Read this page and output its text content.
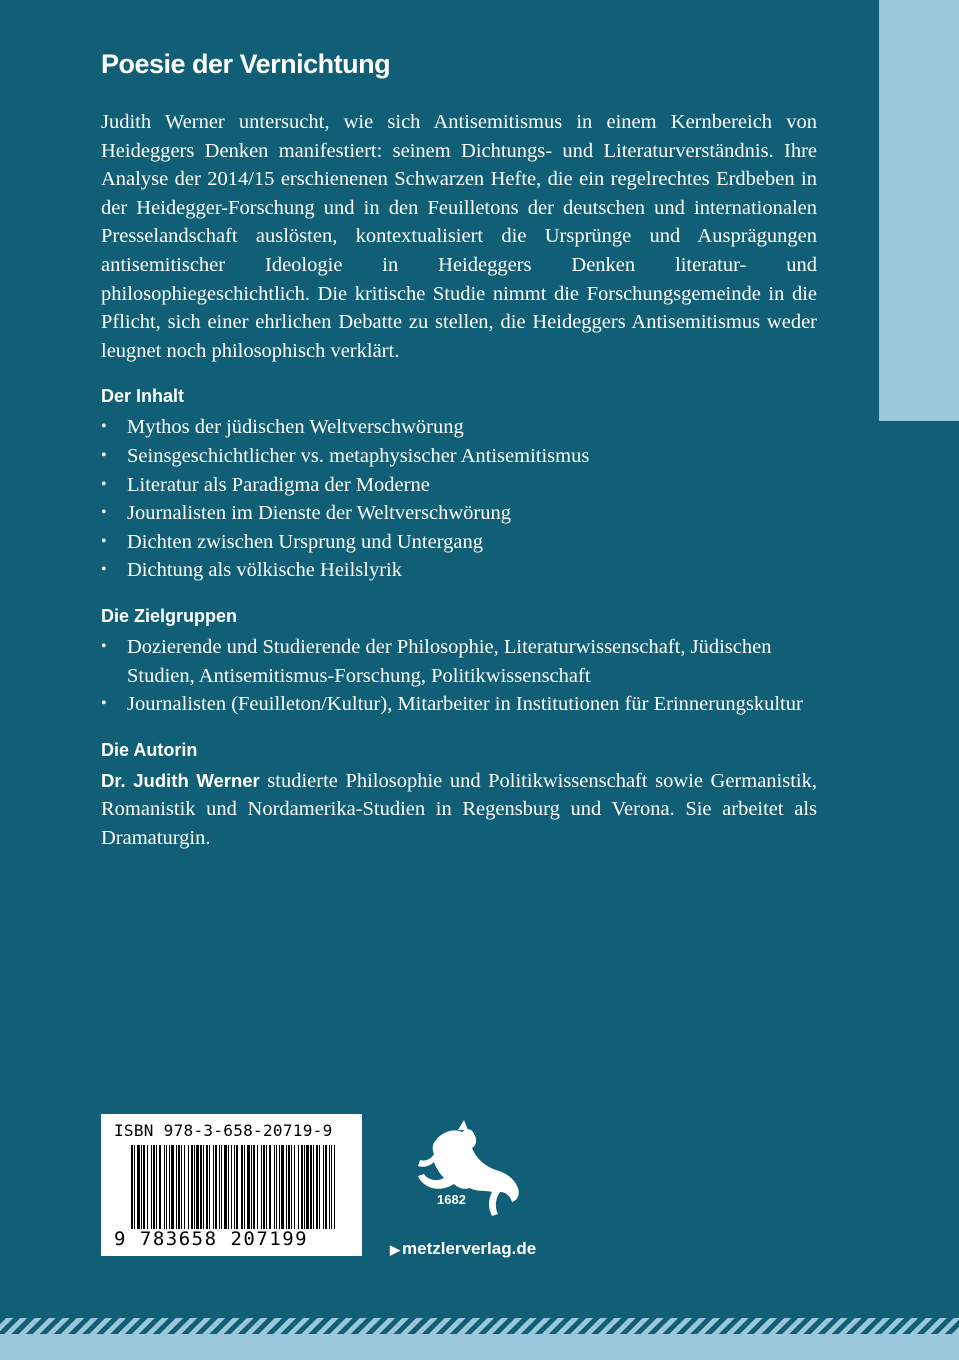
Poesie der Vernichtung

Judith Werner untersucht, wie sich Antisemitismus in einem Kernbereich von Heideggers Denken manifestiert: seinem Dichtungs- und Literaturverständnis. Ihre Analyse der 2014/15 erschienenen Schwarzen Hefte, die ein regelrechtes Erdbeben in der Heidegger-Forschung und in den Feuilletons der deutschen und internationalen Presselandschaft auslösten, kontextualisiert die Ursprünge und Ausprägungen antisemitischer Ideologie in Heideggers Denken literatur- und philosophiegeschichtlich. Die kritische Studie nimmt die Forschungsgemeinde in die Pflicht, sich einer ehrlichen Debatte zu stellen, die Heideggers Antisemitismus weder leugnet noch philosophisch verklärt.

Der Inhalt
• Mythos der jüdischen Weltverschwörung
• Seinsgeschichtlicher vs. metaphysischer Antisemitismus
• Literatur als Paradigma der Moderne
• Journalisten im Dienste der Weltverschwörung
• Dichten zwischen Ursprung und Untergang
• Dichtung als völkische Heilslyrik
Die Zielgruppen
• Dozierende und Studierende der Philosophie, Literaturwissenschaft, Jüdischen Studien, Antisemitismus-Forschung, Politikwissenschaft
• Journalisten (Feuilleton/Kultur), Mitarbeiter in Institutionen für Erinnerungskultur
Die Autorin

Dr. Judith Werner studierte Philosophie und Politikwissenschaft sowie Germanistik, Romanistik und Nordamerika-Studien in Regensburg und Verona. Sie arbeitet als Dramaturgin.

ISBN 978-3-658-20719-9
9 783658 207199
1682
▶ metzlerverlag.de
